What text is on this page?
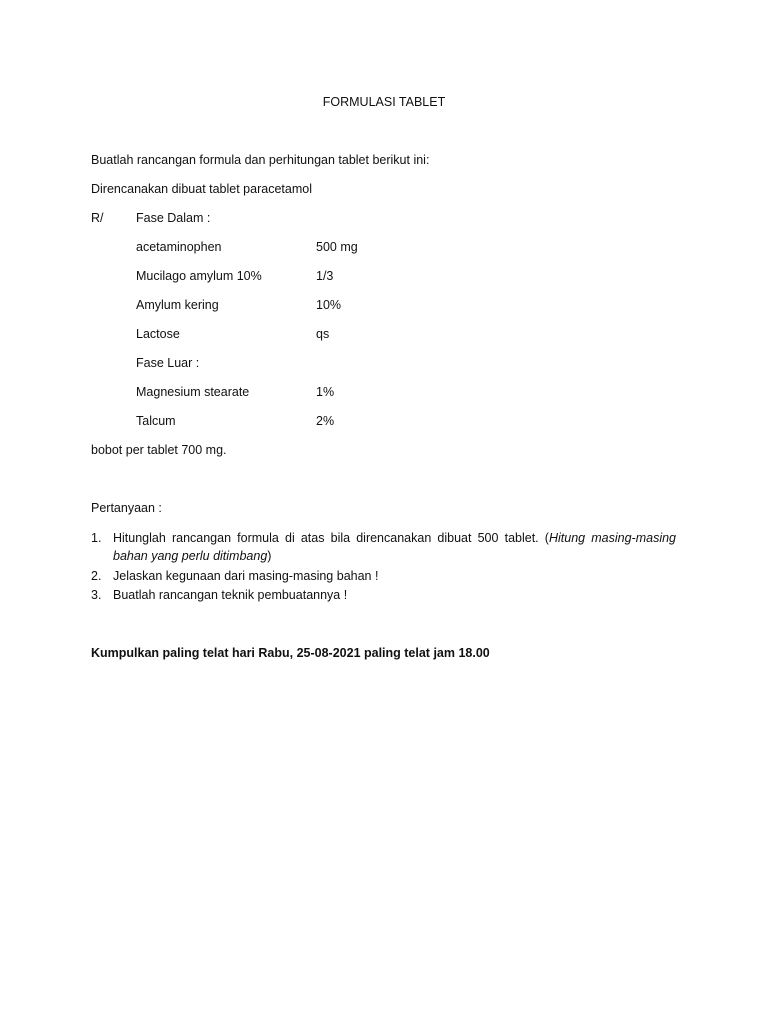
FORMULASI TABLET
Buatlah rancangan formula dan perhitungan tablet berikut ini:
Direncanakan dibuat tablet paracetamol
R/	Fase Dalam :
acetaminophen	500 mg
Mucilago amylum 10%	1/3
Amylum kering	10%
Lactose	qs
Fase Luar :
Magnesium stearate	1%
Talcum	2%
bobot per tablet 700 mg.
Pertanyaan :
1. Hitunglah rancangan formula di atas bila direncanakan dibuat 500 tablet. (Hitung masing-masing bahan yang perlu ditimbang)
2. Jelaskan kegunaan dari masing-masing bahan !
3. Buatlah rancangan teknik pembuatannya !
Kumpulkan paling telat hari Rabu, 25-08-2021 paling telat jam 18.00
